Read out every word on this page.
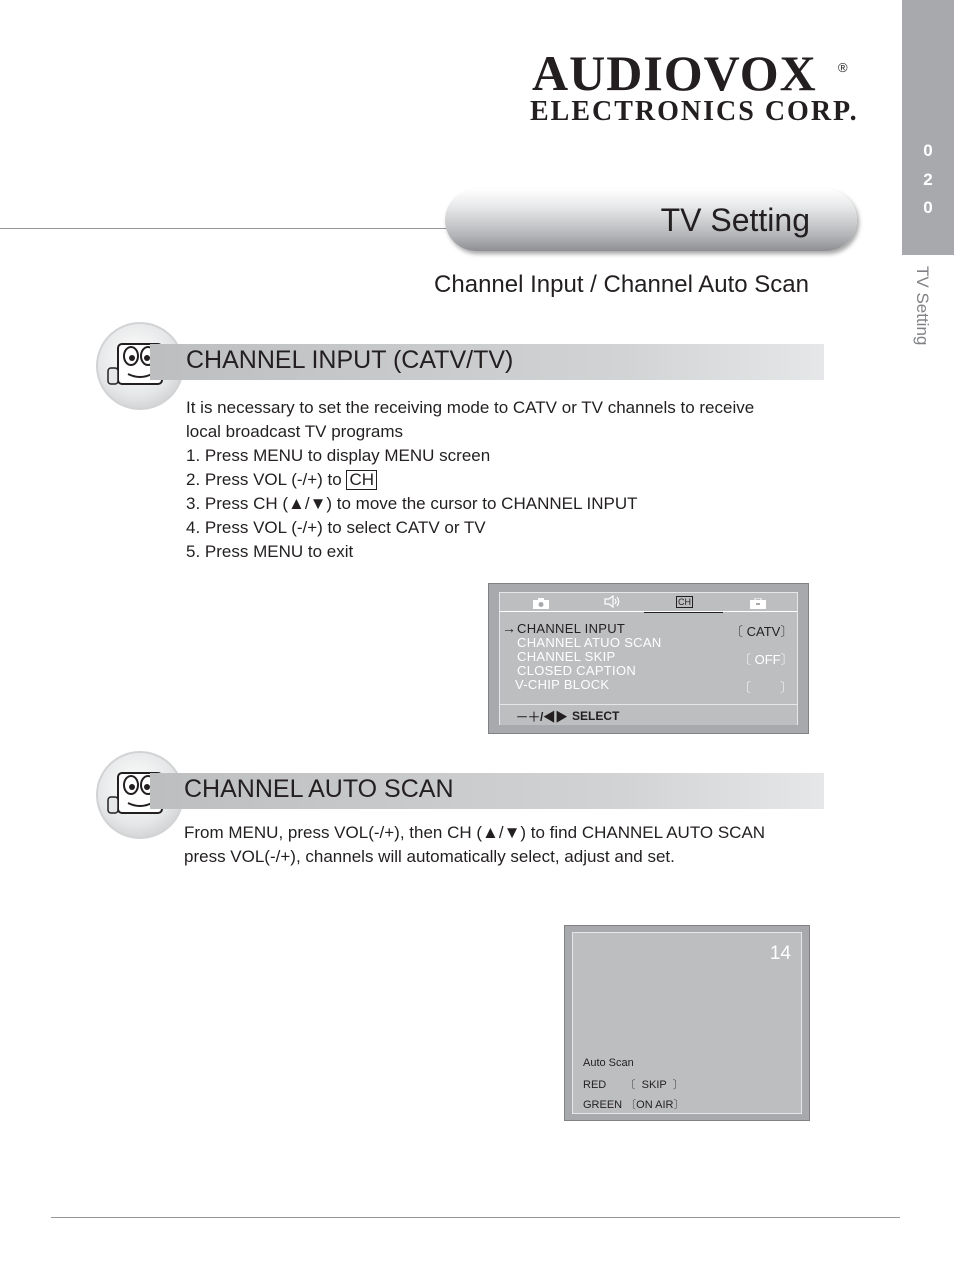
AUDIOVOX ®
ELECTRONICS CORP.
0
2
0
TV Setting
TV Setting
Channel Input / Channel Auto Scan
CHANNEL INPUT (CATV/TV)
It is necessary to set the receiving mode to CATV or TV channels to receive
local broadcast TV programs
1. Press MENU to display MENU screen
2. Press VOL (-/+) to CH
3. Press CH (▲/▼) to move the cursor to CHANNEL INPUT
4. Press VOL (-/+) to select CATV or TV
5. Press MENU to exit
CH
→ CHANNEL INPUT
CHANNEL ATUO SCAN
CHANNEL SKIP
CLOSED CAPTION
V-CHIP BLOCK
〔 CATV〕
〔 OFF〕
〔        〕
－＋/◀▶ SELECT
CHANNEL AUTO SCAN
From MENU, press VOL(-/+), then CH (▲/▼) to find CHANNEL AUTO SCAN
press VOL(-/+), channels will automatically select, adjust and set.
14
Auto Scan
RED      〔  SKIP  〕
GREEN 〔ON AIR〕
